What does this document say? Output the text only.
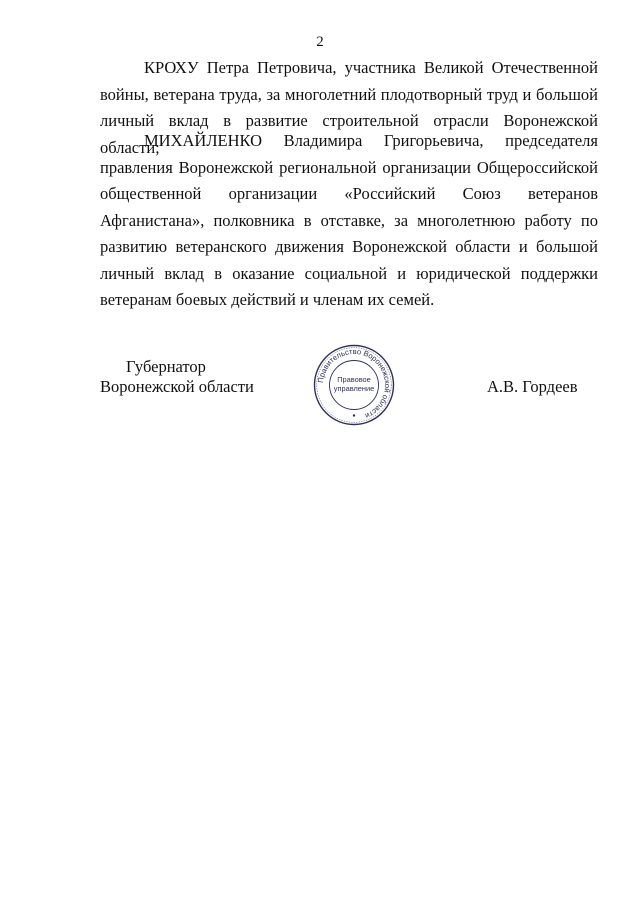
2

КРОХУ Петра Петровича, участника Великой Отечественной войны, ветерана труда, за многолетний плодотворный труд и большой личный вклад в развитие строительной отрасли Воронежской области;

МИХАЙЛЕНКО Владимира Григорьевича, председателя правления Воронежской региональной организации Общероссийской общественной организации «Российский Союз ветеранов Афганистана», полковника в отставке, за многолетнюю работу по развитию ветеранского движения Воронежской области и большой личный вклад в оказание социальной и юридической поддержки ветеранам боевых действий и членам их семей.

Губернатор
Воронежской области	Правительство Воронежской области
Правовое
управление	А.В. Гордеев
